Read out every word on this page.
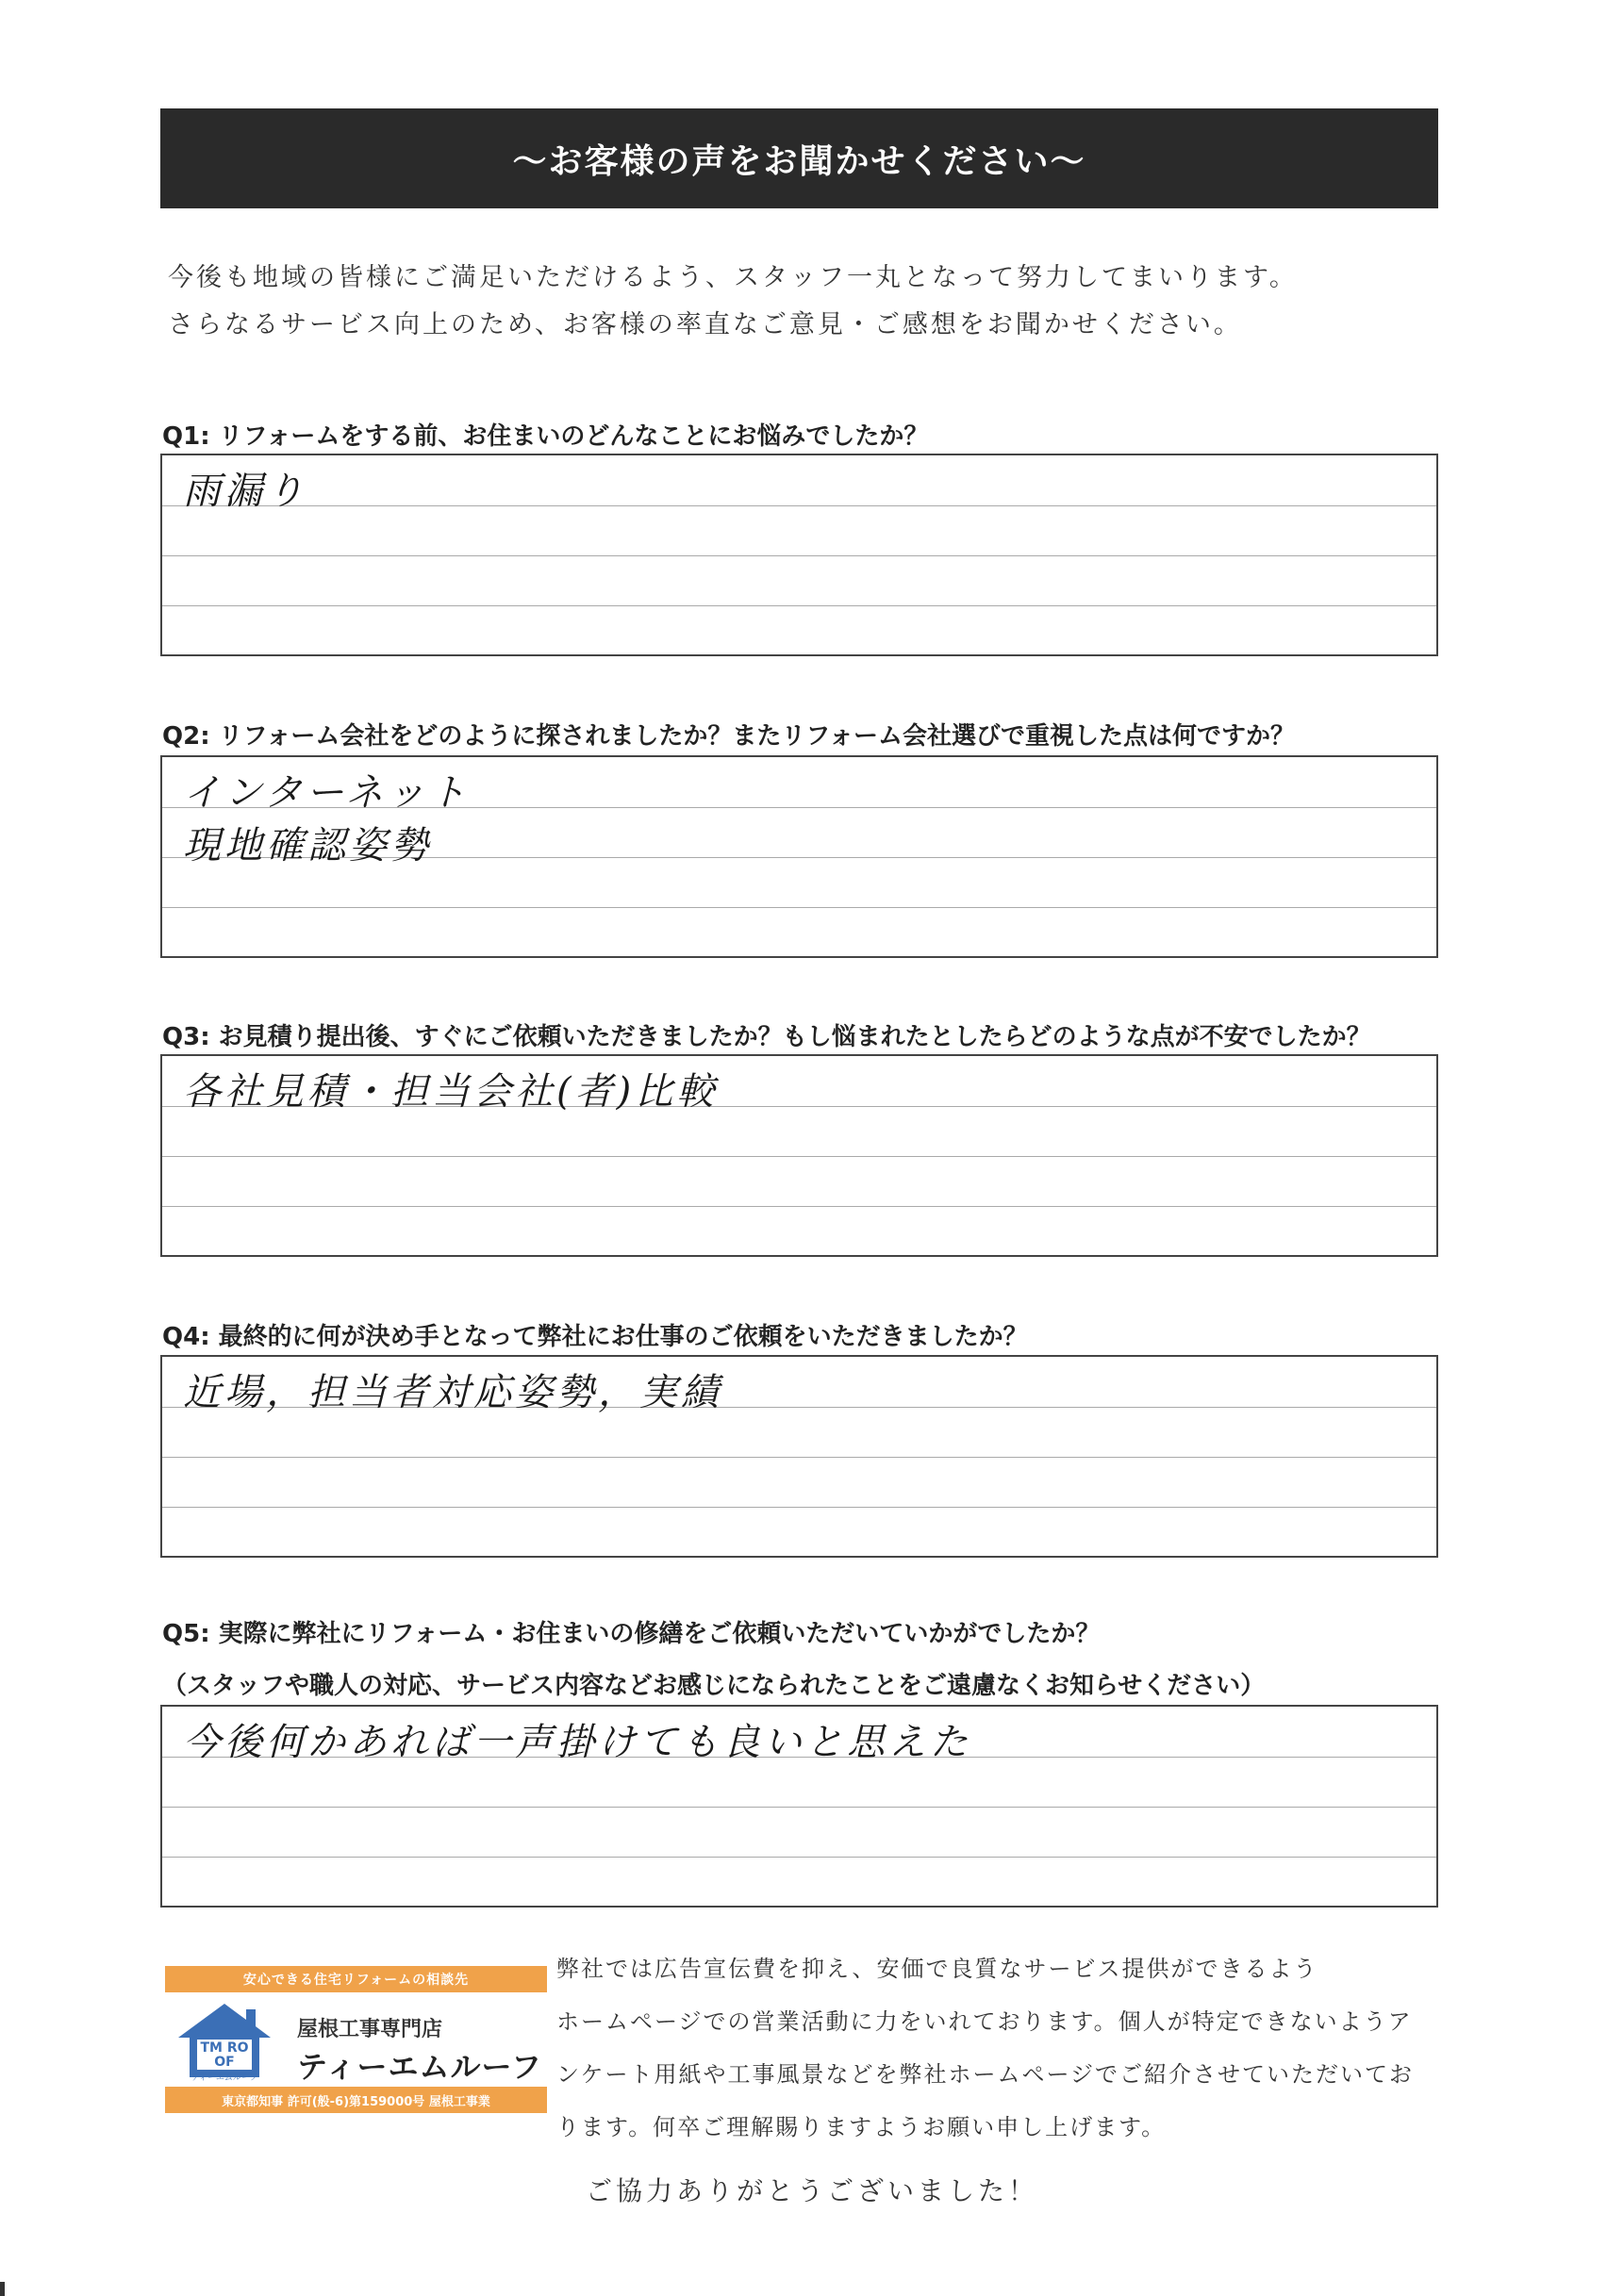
〜お客様の声をお聞かせください〜
今後も地域の皆様にご満足いただけるよう、スタッフ一丸となって努力してまいります。
さらなるサービス向上のため、お客様の率直なご意見・ご感想をお聞かせください。
Q1: リフォームをする前、お住まいのどんなことにお悩みでしたか？
雨漏り
Q2: リフォーム会社をどのように探されましたか？またリフォーム会社選びで重視した点は何ですか？
インターネット
現地確認姿勢
Q3: お見積り提出後、すぐにご依頼いただきましたか？もし悩まれたとしたらどのような点が不安でしたか？
各社見積・担当会社(者)比較
Q4: 最終的に何が決め手となって弊社にお仕事のご依頼をいただきましたか？
近場，担当者対応姿勢，実績
Q5: 実際に弊社にリフォーム・お住まいの修繕をご依頼いただいていかがでしたか？
（スタッフや職人の対応、サービス内容などお感じになられたことをご遠慮なくお知らせください）
今後何かあれば一声掛けても良いと思えた
安心できる住宅リフォームの相談先
TM ROOF
ティーエムルーフ
屋根工事専門店
ティーエムルーフ
東京都知事 許可(般-6)第159000号 屋根工事業
弊社では広告宣伝費を抑え、安価で良質なサービス提供ができるよう
ホームページでの営業活動に力をいれております。個人が特定できないようア
ンケート用紙や工事風景などを弊社ホームページでご紹介させていただいてお
ります。何卒ご理解賜りますようお願い申し上げます。
ご協力ありがとうございました！
